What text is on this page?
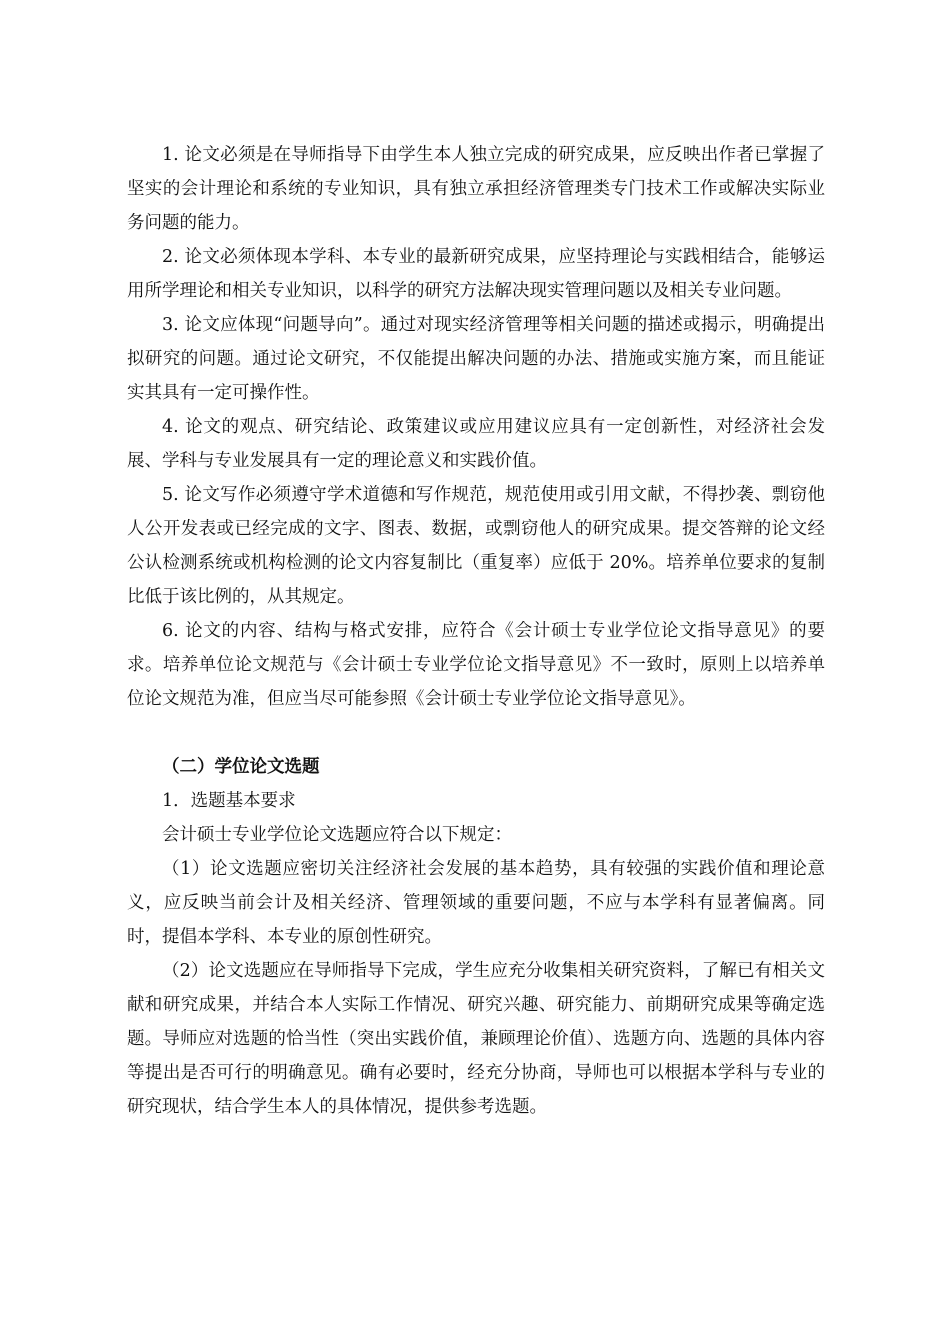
1. 论文必须是在导师指导下由学生本人独立完成的研究成果，应反映出作者已掌握了坚实的会计理论和系统的专业知识，具有独立承担经济管理类专门技术工作或解决实际业务问题的能力。

2. 论文必须体现本学科、本专业的最新研究成果，应坚持理论与实践相结合，能够运用所学理论和相关专业知识，以科学的研究方法解决现实管理问题以及相关专业问题。

3. 论文应体现“问题导向”。通过对现实经济管理等相关问题的描述或揭示，明确提出拟研究的问题。通过论文研究，不仅能提出解决问题的办法、措施或实施方案，而且能证实其具有一定可操作性。

4. 论文的观点、研究结论、政策建议或应用建议应具有一定创新性，对经济社会发展、学科与专业发展具有一定的理论意义和实践价值。

5. 论文写作必须遵守学术道德和写作规范，规范使用或引用文献，不得抄袭、剽窃他人公开发表或已经完成的文字、图表、数据，或剽窃他人的研究成果。提交答辩的论文经公认检测系统或机构检测的论文内容复制比（重复率）应低于 20%。培养单位要求的复制比低于该比例的，从其规定。

6. 论文的内容、结构与格式安排，应符合《会计硕士专业学位论文指导意见》的要求。培养单位论文规范与《会计硕士专业学位论文指导意见》不一致时，原则上以培养单位论文规范为准，但应当尽可能参照《会计硕士专业学位论文指导意见》。

（二）学位论文选题

1．选题基本要求

会计硕士专业学位论文选题应符合以下规定：

（1）论文选题应密切关注经济社会发展的基本趋势，具有较强的实践价值和理论意义，应反映当前会计及相关经济、管理领域的重要问题，不应与本学科有显著偏离。同时，提倡本学科、本专业的原创性研究。

（2）论文选题应在导师指导下完成，学生应充分收集相关研究资料，了解已有相关文献和研究成果，并结合本人实际工作情况、研究兴趣、研究能力、前期研究成果等确定选题。导师应对选题的恰当性（突出实践价值，兼顾理论价值）、选题方向、选题的具体内容等提出是否可行的明确意见。确有必要时，经充分协商，导师也可以根据本学科与专业的研究现状，结合学生本人的具体情况，提供参考选题。
